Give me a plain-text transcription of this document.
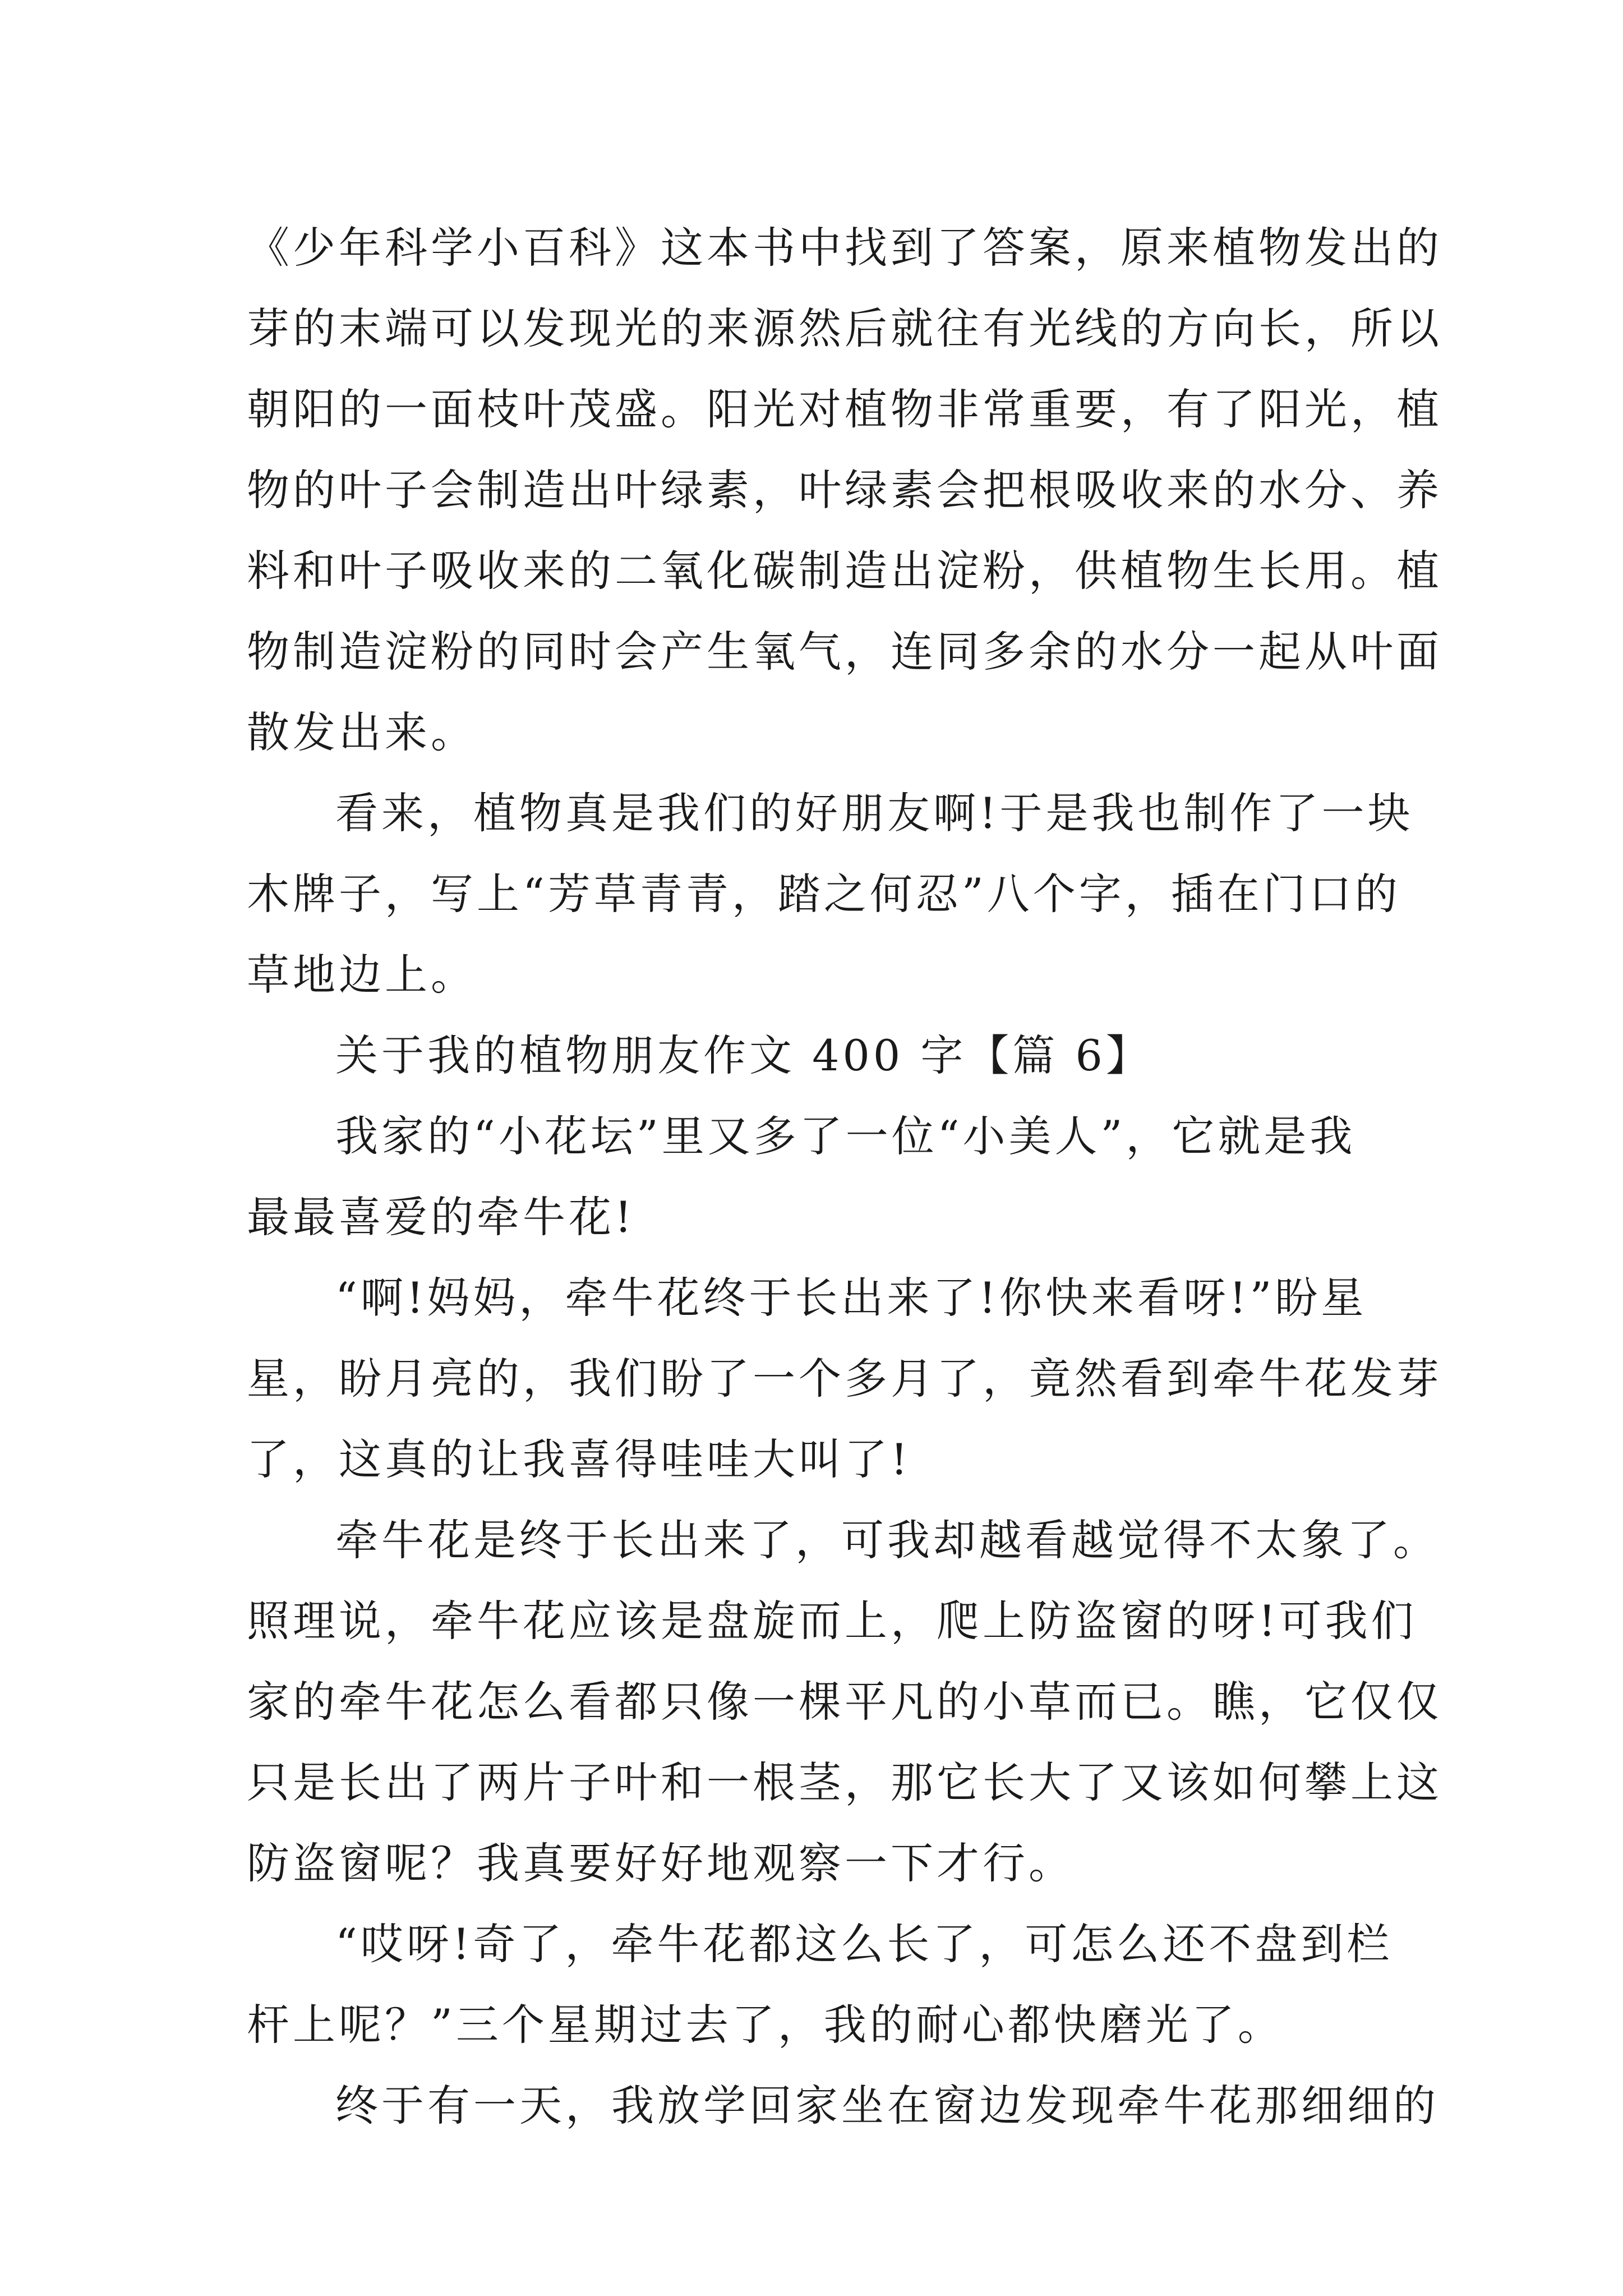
《少年科学小百科》这本书中找到了答案，原来植物发出的
芽的末端可以发现光的来源然后就往有光线的方向长，所以
朝阳的一面枝叶茂盛。阳光对植物非常重要，有了阳光，植
物的叶子会制造出叶绿素，叶绿素会把根吸收来的水分、养
料和叶子吸收来的二氧化碳制造出淀粉，供植物生长用。植
物制造淀粉的同时会产生氧气，连同多余的水分一起从叶面
散发出来。
看来，植物真是我们的好朋友啊!于是我也制作了一块
木牌子，写上“芳草青青，踏之何忍”八个字，插在门口的
草地边上。
关于我的植物朋友作文 400 字【篇 6】
我家的“小花坛”里又多了一位“小美人”，它就是我
最最喜爱的牵牛花!
“啊!妈妈，牵牛花终于长出来了!你快来看呀!”盼星
星，盼月亮的，我们盼了一个多月了，竟然看到牵牛花发芽
了，这真的让我喜得哇哇大叫了!
牵牛花是终于长出来了，可我却越看越觉得不太象了。
照理说，牵牛花应该是盘旋而上，爬上防盗窗的呀!可我们
家的牵牛花怎么看都只像一棵平凡的小草而已。瞧，它仅仅
只是长出了两片子叶和一根茎，那它长大了又该如何攀上这
防盗窗呢？我真要好好地观察一下才行。
“哎呀!奇了，牵牛花都这么长了，可怎么还不盘到栏
杆上呢？”三个星期过去了，我的耐心都快磨光了。
终于有一天，我放学回家坐在窗边发现牵牛花那细细的
